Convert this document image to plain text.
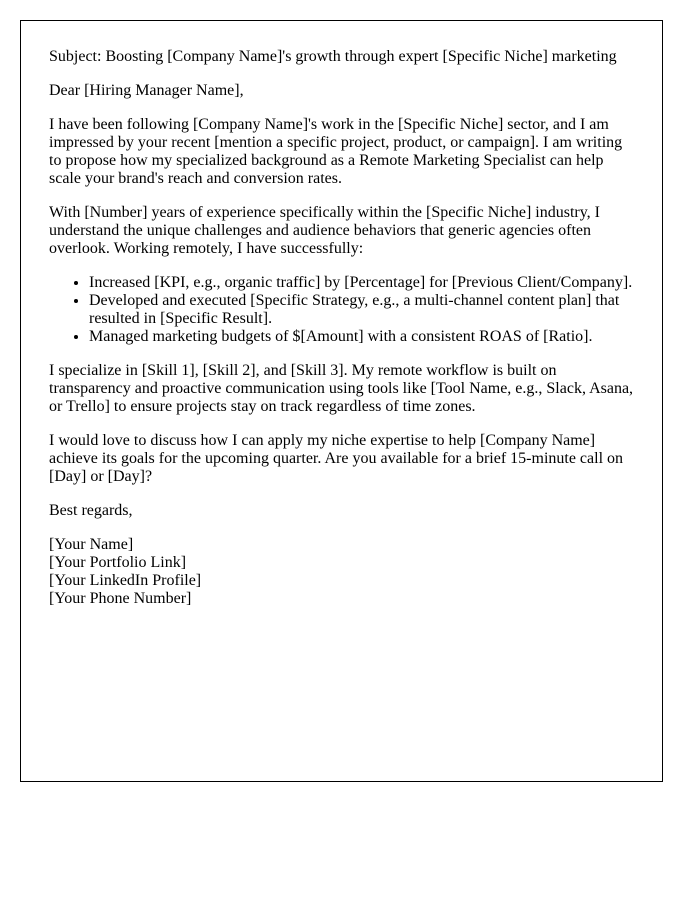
Subject: Boosting [Company Name]'s growth through expert [Specific Niche] marketing

Dear [Hiring Manager Name],

I have been following [Company Name]'s work in the [Specific Niche] sector, and I am impressed by your recent [mention a specific project, product, or campaign]. I am writing to propose how my specialized background as a Remote Marketing Specialist can help scale your brand's reach and conversion rates.

With [Number] years of experience specifically within the [Specific Niche] industry, I understand the unique challenges and audience behaviors that generic agencies often overlook. Working remotely, I have successfully:

• Increased [KPI, e.g., organic traffic] by [Percentage] for [Previous Client/Company].
• Developed and executed [Specific Strategy, e.g., a multi-channel content plan] that resulted in [Specific Result].
• Managed marketing budgets of $[Amount] with a consistent ROAS of [Ratio].

I specialize in [Skill 1], [Skill 2], and [Skill 3]. My remote workflow is built on transparency and proactive communication using tools like [Tool Name, e.g., Slack, Asana, or Trello] to ensure projects stay on track regardless of time zones.

I would love to discuss how I can apply my niche expertise to help [Company Name] achieve its goals for the upcoming quarter. Are you available for a brief 15-minute call on [Day] or [Day]?

Best regards,

[Your Name]

[Your Portfolio Link]

[Your LinkedIn Profile]

[Your Phone Number]
